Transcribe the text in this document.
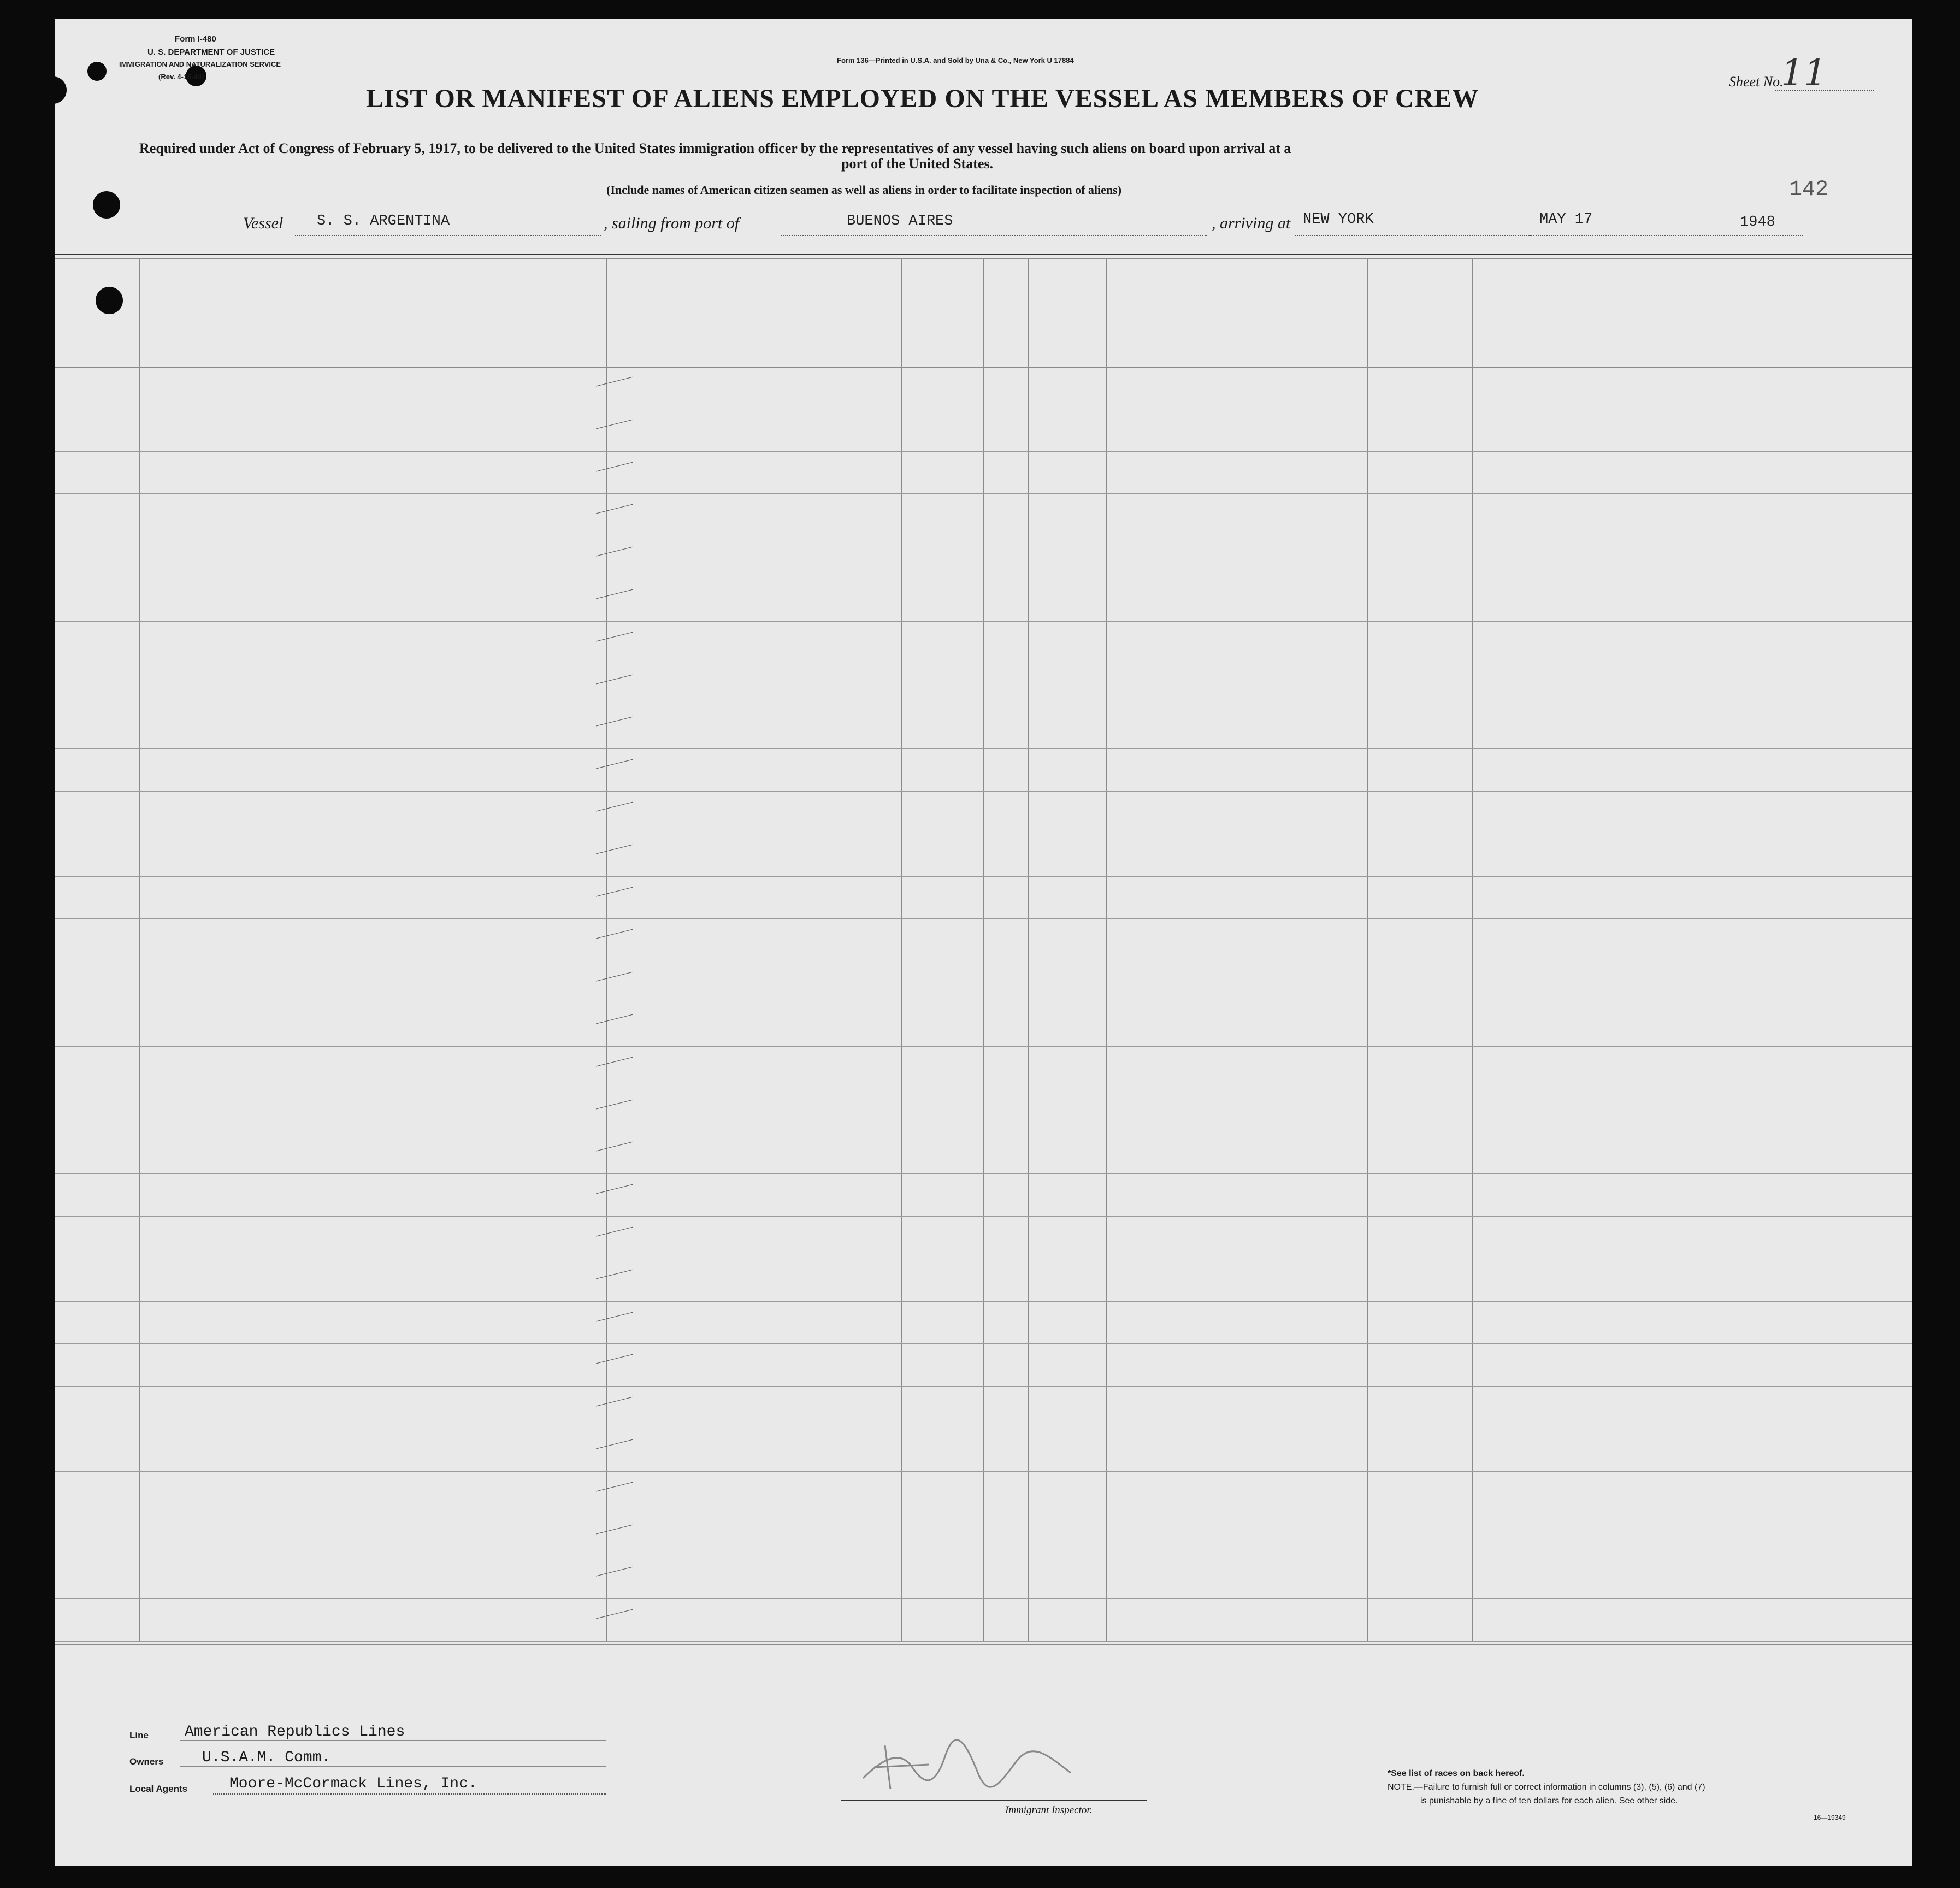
Form I-480
U. S. DEPARTMENT OF JUSTICE
IMMIGRATION AND NATURALIZATION SERVICE
(Rev. 4-15-44)
Form 136—Printed in U.S.A. and Sold by Una & Co., New York U 17884
Sheet No.
11
LIST OR MANIFEST OF ALIENS EMPLOYED ON THE VESSEL AS MEMBERS OF CREW
Required under Act of Congress of February 5, 1917, to be delivered to the United States immigration officer by the representatives of any vessel having such aliens on board upon arrival at a
port of the United States.
(Include names of American citizen seamen as well as aliens in order to facilitate inspection of aliens)	142
Vessel S. S. ARGENTINA	, sailing from port of	BUENOS AIRES	, arriving at NEW YORK	MAY 17	1948
Line American Republics Lines
Owners	U.S.A.M. Comm.
Local Agents	Moore-McCormack Lines, Inc.
Immigrant Inspector.
*See list of races on back hereof.
NOTE.—Failure to furnish full or correct information in columns (3), (5), (6) and (7)
is punishable by a fine of ten dollars for each alien. See other side.
16—19349
